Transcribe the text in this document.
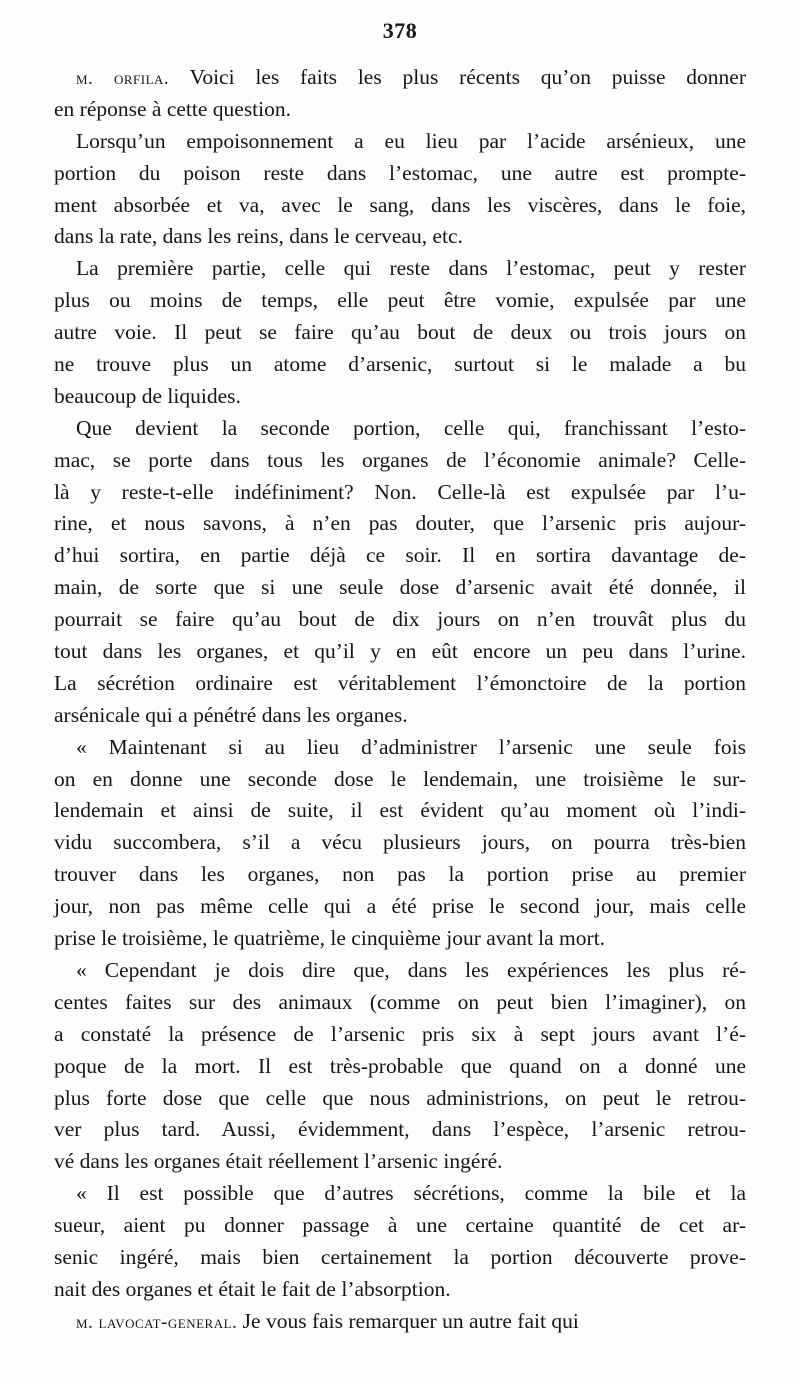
378
m. orfila. Voici les faits les plus récents qu’on puisse donner
en réponse à cette question.
Lorsqu’un empoisonnement a eu lieu par l’acide arsénieux, une
portion du poison reste dans l’estomac, une autre est prompte-
ment absorbée et va, avec le sang, dans les viscères, dans le foie,
dans la rate, dans les reins, dans le cerveau, etc.
La première partie, celle qui reste dans l’estomac, peut y rester
plus ou moins de temps, elle peut être vomie, expulsée par une
autre voie. Il peut se faire qu’au bout de deux ou trois jours on
ne trouve plus un atome d’arsenic, surtout si le malade a bu
beaucoup de liquides.
Que devient la seconde portion, celle qui, franchissant l’esto-
mac, se porte dans tous les organes de l’économie animale? Celle-
là y reste-t-elle indéfiniment? Non. Celle-là est expulsée par l’u-
rine, et nous savons, à n’en pas douter, que l’arsenic pris aujour-
d’hui sortira, en partie déjà ce soir. Il en sortira davantage de-
main, de sorte que si une seule dose d’arsenic avait été donnée, il
pourrait se faire qu’au bout de dix jours on n’en trouvât plus du
tout dans les organes, et qu’il y en eût encore un peu dans l’urine.
La sécrétion ordinaire est véritablement l’émonctoire de la portion
arsénicale qui a pénétré dans les organes.
« Maintenant si au lieu d’administrer l’arsenic une seule fois
on en donne une seconde dose le lendemain, une troisième le sur-
lendemain et ainsi de suite, il est évident qu’au moment où l’indi-
vidu succombera, s’il a vécu plusieurs jours, on pourra très-bien
trouver dans les organes, non pas la portion prise au premier
jour, non pas même celle qui a été prise le second jour, mais celle
prise le troisième, le quatrième, le cinquième jour avant la mort.
« Cependant je dois dire que, dans les expériences les plus ré-
centes faites sur des animaux (comme on peut bien l’imaginer), on
a constaté la présence de l’arsenic pris six à sept jours avant l’é-
poque de la mort. Il est très-probable que quand on a donné une
plus forte dose que celle que nous administrions, on peut le retrou-
ver plus tard. Aussi, évidemment, dans l’espèce, l’arsenic retrou-
vé dans les organes était réellement l’arsenic ingéré.
« Il est possible que d’autres sécrétions, comme la bile et la
sueur, aient pu donner passage à une certaine quantité de cet ar-
senic ingéré, mais bien certainement la portion découverte prove-
nait des organes et était le fait de l’absorption.
m. lavocat-general. Je vous fais remarquer un autre fait qui
